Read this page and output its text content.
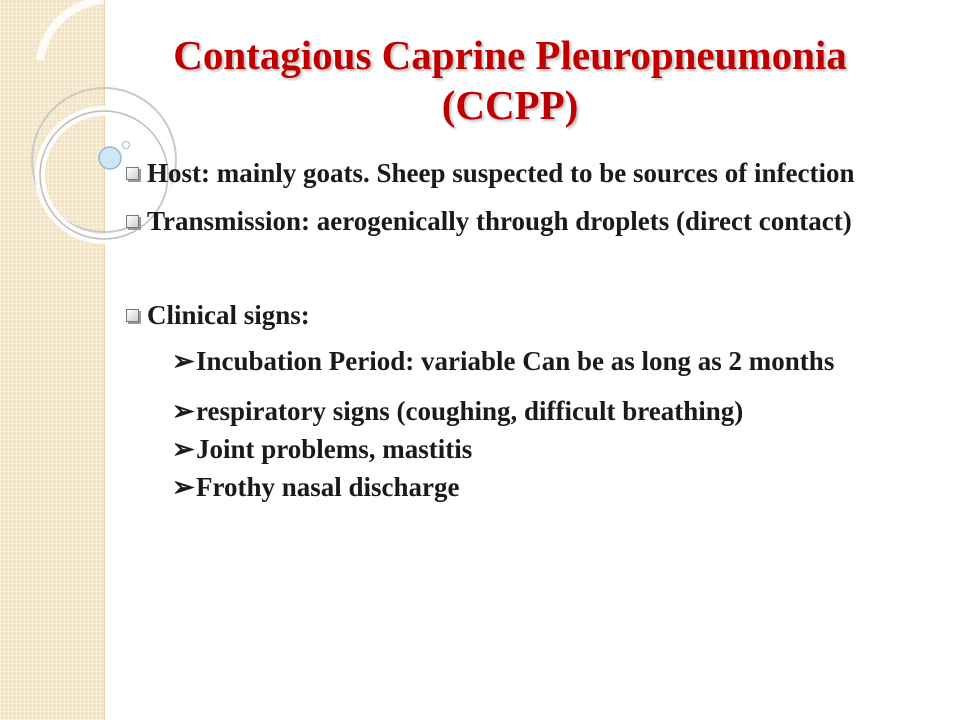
Contagious Caprine Pleuropneumonia
(CCPP)
Host: mainly goats. Sheep suspected to be sources of infection
Transmission: aerogenically through droplets (direct contact)
Clinical signs:
➢Incubation Period: variable Can be as long as 2 months
➢respiratory signs (coughing, difficult breathing)
➢Joint problems, mastitis
➢Frothy nasal discharge
